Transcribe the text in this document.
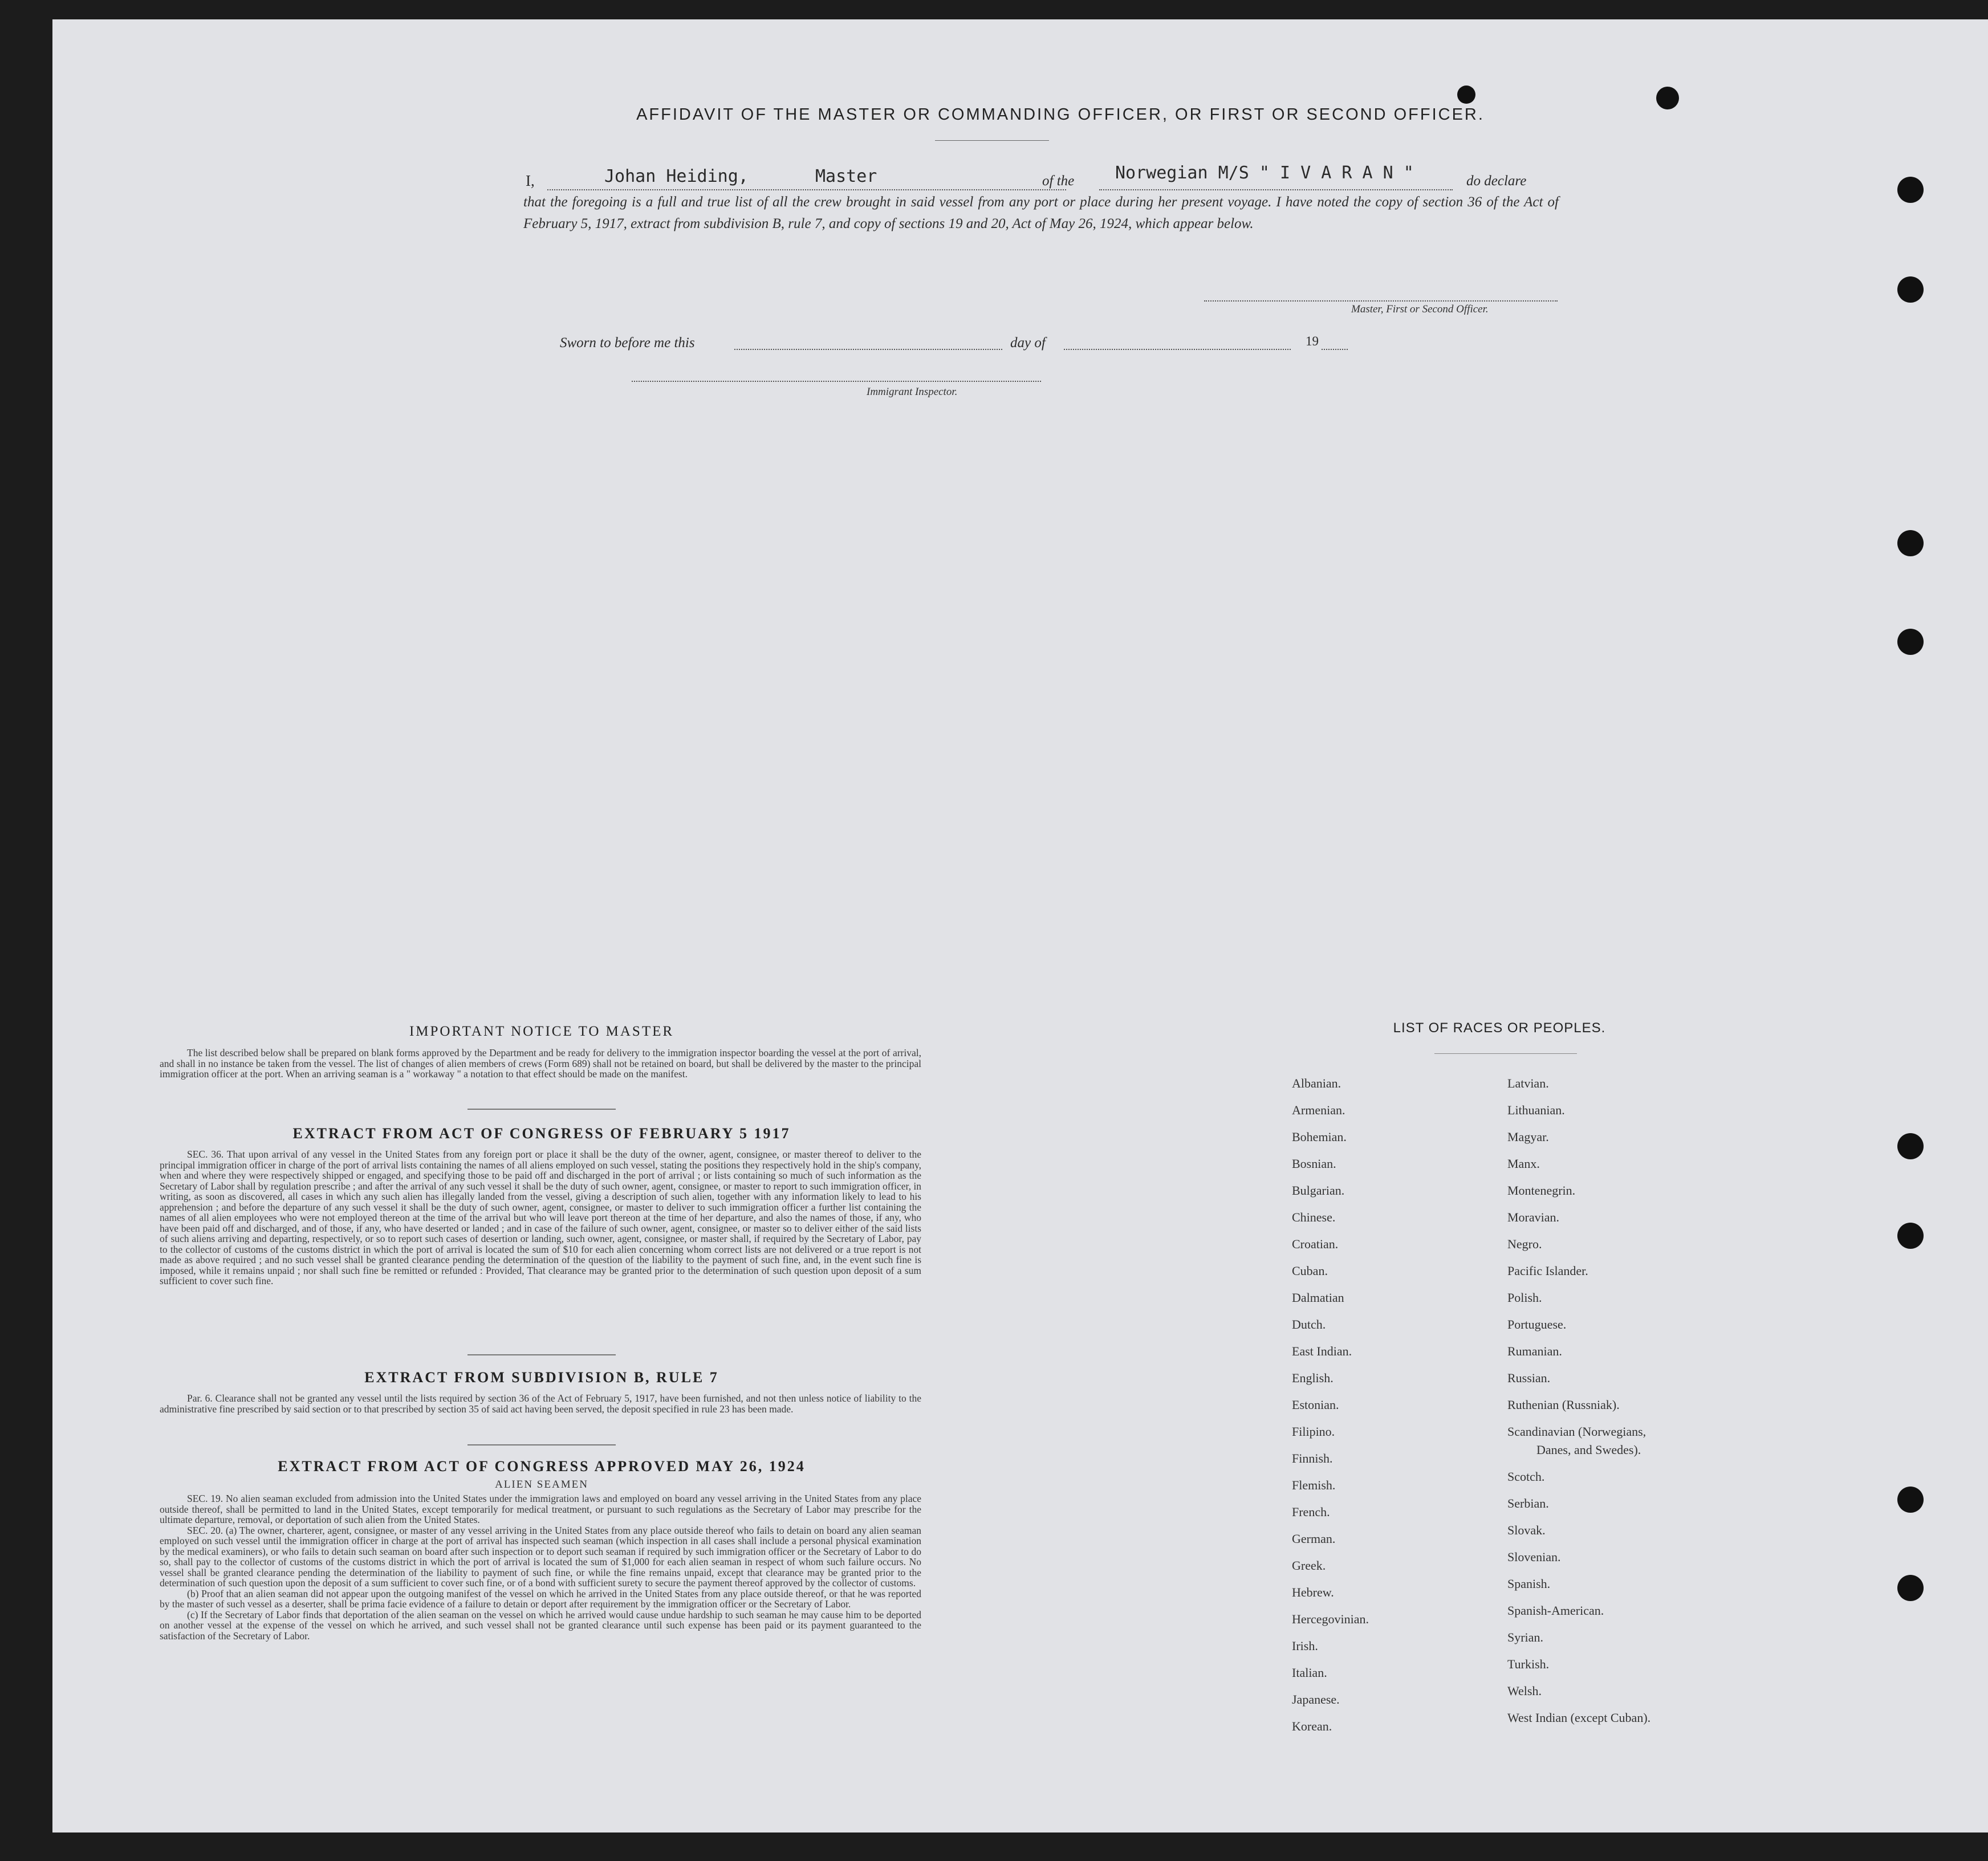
AFFIDAVIT OF THE MASTER OR COMMANDING OFFICER, OR FIRST OR SECOND OFFICER.
I,	Johan Heiding,	Master	of the Norwegian M/S " I V A R A N "	do declare
that the foregoing is a full and true list of all the crew brought in said vessel from any port or place during her present voyage. I have noted the copy of section 36 of the Act of February 5, 1917, extract from subdivision B, rule 7, and copy of sections 19 and 20, Act of May 26, 1924, which appear below.
Master, First or Second Officer.
Sworn to before me this	day of	19
Immigrant Inspector.
IMPORTANT NOTICE TO MASTER
The list described below shall be prepared on blank forms approved by the Department and be ready for delivery to the immigration inspector boarding the vessel at the port of arrival, and shall in no instance be taken from the vessel. The list of changes of alien members of crews (Form 689) shall not be retained on board, but shall be delivered by the master to the principal immigration officer at the port. When an arriving seaman is a " workaway " a notation to that effect should be made on the manifest.
EXTRACT FROM ACT OF CONGRESS OF FEBRUARY 5 1917
SEC. 36. That upon arrival of any vessel in the United States from any foreign port or place it shall be the duty of the owner, agent, consignee, or master thereof to deliver to the principal immigration officer in charge of the port of arrival lists containing the names of all aliens employed on such vessel, stating the positions they respectively hold in the ship's company, when and where they were respectively shipped or engaged, and specifying those to be paid off and discharged in the port of arrival ; or lists containing so much of such information as the Secretary of Labor shall by regulation prescribe ; and after the arrival of any such vessel it shall be the duty of such owner, agent, consignee, or master to report to such immigration officer, in writing, as soon as discovered, all cases in which any such alien has illegally landed from the vessel, giving a description of such alien, together with any information likely to lead to his apprehension ; and before the departure of any such vessel it shall be the duty of such owner, agent, consignee, or master to deliver to such immigration officer a further list containing the names of all alien employees who were not employed thereon at the time of the arrival but who will leave port thereon at the time of her departure, and also the names of those, if any, who have been paid off and discharged, and of those, if any, who have deserted or landed ; and in case of the failure of such owner, agent, consignee, or master so to deliver either of the said lists of such aliens arriving and departing, respectively, or so to report such cases of desertion or landing, such owner, agent, consignee, or master shall, if required by the Secretary of Labor, pay to the collector of customs of the customs district in which the port of arrival is located the sum of $10 for each alien concerning whom correct lists are not delivered or a true report is not made as above required ; and no such vessel shall be granted clearance pending the determination of the question of the liability to the payment of such fine, and, in the event such fine is imposed, while it remains unpaid ; nor shall such fine be remitted or refunded : Provided, That clearance may be granted prior to the determination of such question upon deposit of a sum sufficient to cover such fine.
EXTRACT FROM SUBDIVISION B, RULE 7
Par. 6. Clearance shall not be granted any vessel until the lists required by section 36 of the Act of February 5, 1917, have been furnished, and not then unless notice of liability to the administrative fine prescribed by said section or to that prescribed by section 35 of said act having been served, the deposit specified in rule 23 has been made.
EXTRACT FROM ACT OF CONGRESS APPROVED MAY 26, 1924
ALIEN SEAMEN
SEC. 19. No alien seaman excluded from admission into the United States under the immigration laws and employed on board any vessel arriving in the United States from any place outside thereof, shall be permitted to land in the United States, except temporarily for medical treatment, or pursuant to such regulations as the Secretary of Labor may prescribe for the ultimate departure, removal, or deportation of such alien from the United States.
SEC. 20. (a) The owner, charterer, agent, consignee, or master of any vessel arriving in the United States from any place outside thereof who fails to detain on board any alien seaman employed on such vessel until the immigration officer in charge at the port of arrival has inspected such seaman (which inspection in all cases shall include a personal physical examination by the medical examiners), or who fails to detain such seaman on board after such inspection or to deport such seaman if required by such immigration officer or the Secretary of Labor to do so, shall pay to the collector of customs of the customs district in which the port of arrival is located the sum of $1,000 for each alien seaman in respect of whom such failure occurs. No vessel shall be granted clearance pending the determination of the liability to payment of such fine, or while the fine remains unpaid, except that clearance may be granted prior to the determination of such question upon the deposit of a sum sufficient to cover such fine, or of a bond with sufficient surety to secure the payment thereof approved by the collector of customs.
(b) Proof that an alien seaman did not appear upon the outgoing manifest of the vessel on which he arrived in the United States from any place outside thereof, or that he was reported by the master of such vessel as a deserter, shall be prima facie evidence of a failure to detain or deport after requirement by the immigration officer or the Secretary of Labor.
(c) If the Secretary of Labor finds that deportation of the alien seaman on the vessel on which he arrived would cause undue hardship to such seaman he may cause him to be deported on another vessel at the expense of the vessel on which he arrived, and such vessel shall not be granted clearance until such expense has been paid or its payment guaranteed to the satisfaction of the Secretary of Labor.
LIST OF RACES OR PEOPLES.
Albanian.
Armenian.
Bohemian.
Bosnian.
Bulgarian.
Chinese.
Croatian.
Cuban.
Dalmatian
Dutch.
East Indian.
English.
Estonian.
Filipino.
Finnish.
Flemish.
French.
German.
Greek.
Hebrew.
Hercegovinian.
Irish.
Italian.
Japanese.
Korean.
Latvian.
Lithuanian.
Magyar.
Manx.
Montenegrin.
Moravian.
Negro.
Pacific Islander.
Polish.
Portuguese.
Rumanian.
Russian.
Ruthenian (Russniak).
Scandinavian (Norwegians,
Danes, and Swedes).
Scotch.
Serbian.
Slovak.
Slovenian.
Spanish.
Spanish-American.
Syrian.
Turkish.
Welsh.
West Indian (except Cuban).
